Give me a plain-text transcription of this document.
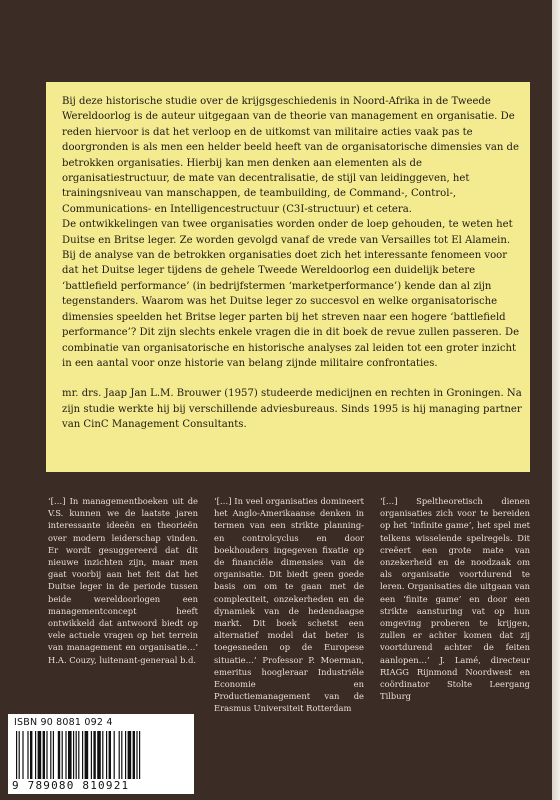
Bij deze historische studie over de krijgsgeschiedenis in Noord-Afrika in de Tweede Wereldoorlog is de auteur uitgegaan van de theorie van management en organisatie. De reden hiervoor is dat het verloop en de uitkomst van militaire acties vaak pas te doorgronden is als men een helder beeld heeft van de organisatorische dimensies van de betrokken organisaties. Hierbij kan men denken aan elementen als de organisatiestructuur, de mate van decentralisatie, de stijl van leidinggeven, het trainingsniveau van manschappen, de teambuilding, de Command-, Control-, Communications- en Intelligencestructuur (C3I-structuur) et cetera.

De ontwikkelingen van twee organisaties worden onder de loep gehouden, te weten het Duitse en Britse leger. Ze worden gevolgd vanaf de vrede van Versailles tot El Alamein. Bij de analyse van de betrokken organisaties doet zich het interessante fenomeen voor dat het Duitse leger tijdens de gehele Tweede Wereldoorlog een duidelijk betere ‘battlefield performance’ (in bedrijfstermen ‘marketperformance’) kende dan al zijn tegenstanders. Waarom was het Duitse leger zo succesvol en welke organisatorische dimensies speelden het Britse leger parten bij het streven naar een hogere ‘battlefield performance’? Dit zijn slechts enkele vragen die in dit boek de revue zullen passeren. De combinatie van organisatorische en historische analyses zal leiden tot een groter inzicht in een aantal voor onze historie van belang zijnde militaire confrontaties.

mr. drs. Jaap Jan L.M. Brouwer (1957) studeerde medicijnen en rechten in Groningen. Na zijn studie werkte hij bij verschillende adviesbureaus. Sinds 1995 is hij managing partner van CinC Management Consultants.

‘[…] In managementboeken uit de V.S. kunnen we de laatste jaren interessante ideeën en theorieën over modern leiderschap vinden. Er wordt gesuggereerd dat dit nieuwe inzichten zijn, maar men gaat voorbij aan het feit dat het Duitse leger in de periode tussen beide wereldoorlogen een managementconcept heeft ontwikkeld dat antwoord biedt op vele actuele vragen op het terrein van management en organisatie…’ H.A. Couzy, luitenant-generaal b.d.
‘[…] In veel organisaties domineert het Anglo-Amerikaanse denken in termen van een strikte planning- en controlcyclus en door boekhouders ingegeven fixatie op de financiële dimensies van de organisatie. Dit biedt geen goede basis om om te gaan met de complexiteit, onzekerheden en de dynamiek van de hedendaagse markt. Dit boek schetst een alternatief model dat beter is toegesneden op de Europese situatie…’ Professor P. Moerman, emeritus hoogleraar Industriële Economie en Productiemanagement van de Erasmus Universiteit Rotterdam
‘[…] Speltheoretisch dienen organisaties zich voor te bereiden op het ‘infinite game’, het spel met telkens wisselende spelregels. Dit creëert een grote mate van onzekerheid en de noodzaak om als organisatie voortdurend te leren. Organisaties die uitgaan van een ‘finite game’ en door een strikte aansturing vat op hun omgeving proberen te krijgen, zullen er achter komen dat zij voortdurend achter de feiten aanlopen…’ J. Lamé, directeur RIAGG Rijnmond Noordwest en coördinator Stolte Leergang Tilburg
ISBN 90 8081 092 4
9 789080 810921
